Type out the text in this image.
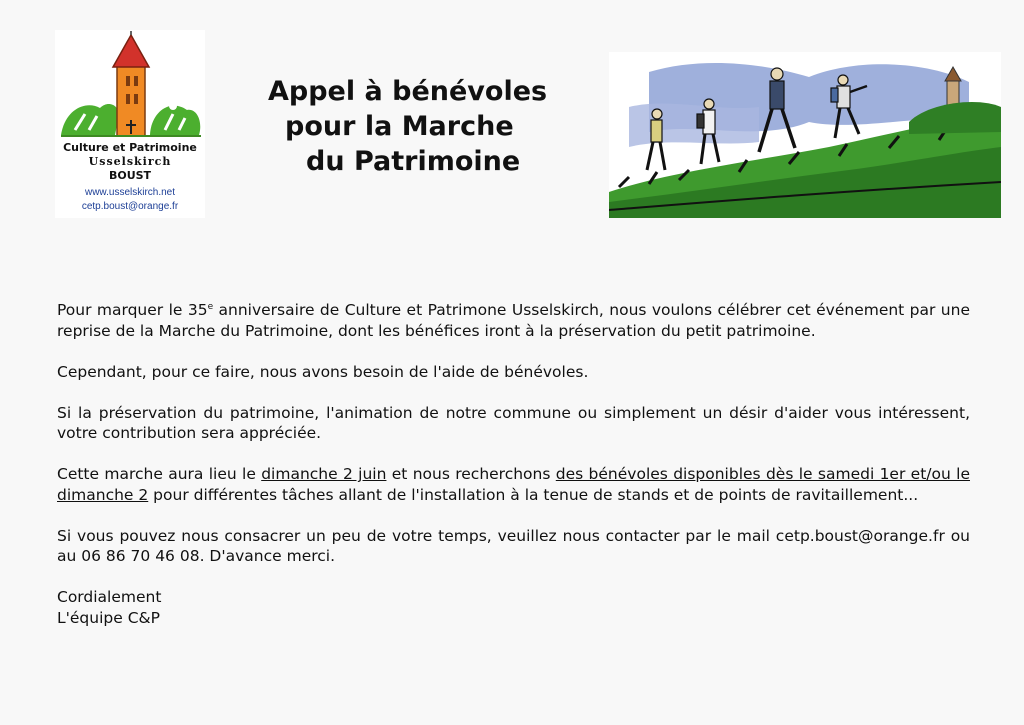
Culture et Patrimoine
Usselskirch
BOUST
www.usselskirch.net
cetp.boust@orange.fr
Appel à bénévoles
pour la Marche
du Patrimoine

Pour marquer le 35e anniversaire de Culture et Patrimone Usselskirch, nous voulons célébrer cet événement par une reprise de la Marche du Patrimoine, dont les bénéfices iront à la préservation du petit patrimoine.

Cependant, pour ce faire, nous avons besoin de l'aide de bénévoles.

Si la préservation du patrimoine, l'animation de notre commune ou simplement un désir d'aider vous intéressent, votre contribution sera appréciée.

Cette marche aura lieu le dimanche 2 juin et nous recherchons des bénévoles disponibles dès le samedi 1er et/ou le dimanche 2 pour différentes tâches allant de l'installation à la tenue de stands et de points de ravitaillement...

Si vous pouvez nous consacrer un peu de votre temps, veuillez nous contacter par le mail cetp.boust@orange.fr ou au 06 86 70 46 08. D'avance merci.

Cordialement

L'équipe C&P
